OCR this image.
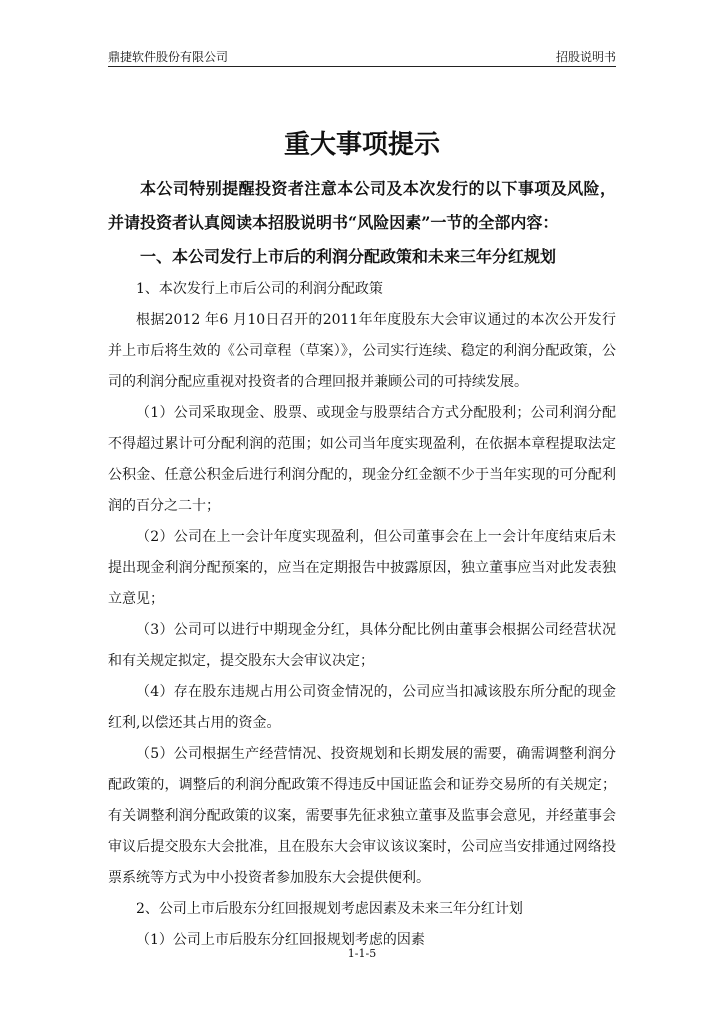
鼎捷软件股份有限公司	招股说明书
重大事项提示

本公司特别提醒投资者注意本公司及本次发行的以下事项及风险，并请投资者认真阅读本招股说明书“风险因素”一节的全部内容：

一、本公司发行上市后的利润分配政策和未来三年分红规划

1、本次发行上市后公司的利润分配政策

根据2012 年6 月10日召开的2011年年度股东大会审议通过的本次公开发行并上市后将生效的《公司章程（草案）》，公司实行连续、稳定的利润分配政策，公司的利润分配应重视对投资者的合理回报并兼顾公司的可持续发展。

（1）公司采取现金、股票、或现金与股票结合方式分配股利；公司利润分配不得超过累计可分配利润的范围；如公司当年度实现盈利，在依据本章程提取法定公积金、任意公积金后进行利润分配的，现金分红金额不少于当年实现的可分配利润的百分之二十；

（2）公司在上一会计年度实现盈利，但公司董事会在上一会计年度结束后未提出现金利润分配预案的，应当在定期报告中披露原因，独立董事应当对此发表独立意见；

（3）公司可以进行中期现金分红，具体分配比例由董事会根据公司经营状况和有关规定拟定，提交股东大会审议决定；

（4）存在股东违规占用公司资金情况的，公司应当扣减该股东所分配的现金红利,以偿还其占用的资金。

（5）公司根据生产经营情况、投资规划和长期发展的需要，确需调整利润分配政策的，调整后的利润分配政策不得违反中国证监会和证券交易所的有关规定；有关调整利润分配政策的议案，需要事先征求独立董事及监事会意见，并经董事会审议后提交股东大会批准，且在股东大会审议该议案时，公司应当安排通过网络投票系统等方式为中小投资者参加股东大会提供便利。

2、公司上市后股东分红回报规划考虑因素及未来三年分红计划

（1）公司上市后股东分红回报规划考虑的因素

1-1-5
